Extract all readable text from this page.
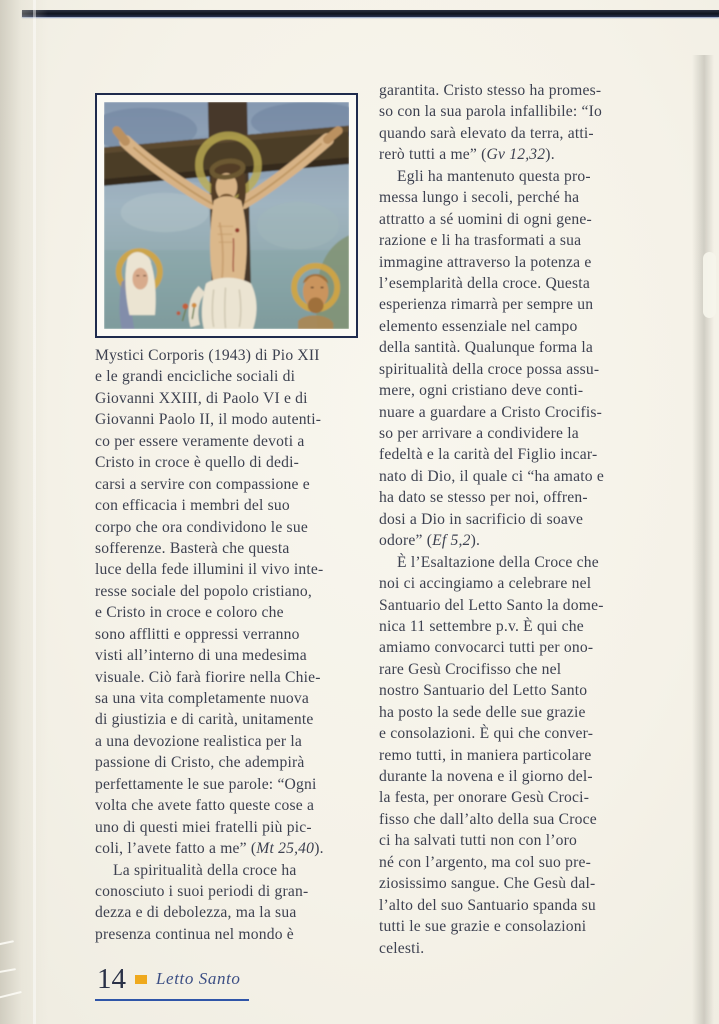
Mystici Corporis (1943) di Pio XII
e le grandi encicliche sociali di
Giovanni XXIII, di Paolo VI e di
Giovanni Paolo II, il modo autenti-
co per essere veramente devoti a
Cristo in croce è quello di dedi-
carsi a servire con compassione e
con efficacia i membri del suo
corpo che ora condividono le sue
sofferenze. Basterà che questa
luce della fede illumini il vivo inte-
resse sociale del popolo cristiano,
e Cristo in croce e coloro che
sono afflitti e oppressi verranno
visti all’interno di una medesima
visuale. Ciò farà fiorire nella Chie-
sa una vita completamente nuova
di giustizia e di carità, unitamente
a una devozione realistica per la
passione di Cristo, che adempirà
perfettamente le sue parole: “Ogni
volta che avete fatto queste cose a
uno di questi miei fratelli più pic-
coli, l’avete fatto a me” (Mt 25,40).
La spiritualità della croce ha
conosciuto i suoi periodi di gran-
dezza e di debolezza, ma la sua
presenza continua nel mondo è
garantita. Cristo stesso ha promes-
so con la sua parola infallibile: “Io
quando sarà elevato da terra, atti-
rerò tutti a me” (Gv 12,32).
Egli ha mantenuto questa pro-
messa lungo i secoli, perché ha
attratto a sé uomini di ogni gene-
razione e li ha trasformati a sua
immagine attraverso la potenza e
l’esemplarità della croce. Questa
esperienza rimarrà per sempre un
elemento essenziale nel campo
della santità. Qualunque forma la
spiritualità della croce possa assu-
mere, ogni cristiano deve conti-
nuare a guardare a Cristo Crocifis-
so per arrivare a condividere la
fedeltà e la carità del Figlio incar-
nato di Dio, il quale ci “ha amato e
ha dato se stesso per noi, offren-
dosi a Dio in sacrificio di soave
odore” (Ef 5,2).
È l’Esaltazione della Croce che
noi ci accingiamo a celebrare nel
Santuario del Letto Santo la dome-
nica 11 settembre p.v. È qui che
amiamo convocarci tutti per ono-
rare Gesù Crocifisso che nel
nostro Santuario del Letto Santo
ha posto la sede delle sue grazie
e consolazioni. È qui che conver-
remo tutti, in maniera particolare
durante la novena e il giorno del-
la festa, per onorare Gesù Croci-
fisso che dall’alto della sua Croce
ci ha salvati tutti non con l’oro
né con l’argento, ma col suo pre-
ziosissimo sangue. Che Gesù dal-
l’alto del suo Santuario spanda su
tutti le sue grazie e consolazioni
celesti.
14 Letto Santo
